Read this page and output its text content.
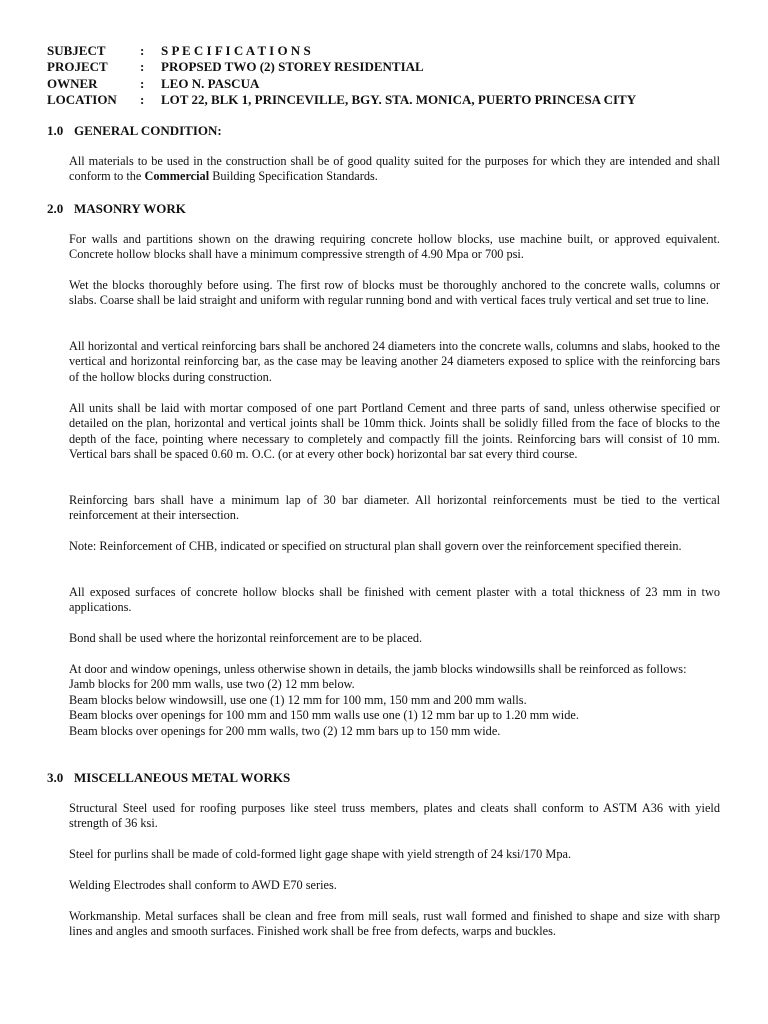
SUBJECT	: S P E C I F I C A T I O N S
PROJECT : PROPSED TWO (2) STOREY RESIDENTIAL
OWNER	: LEO N. PASCUA
LOCATION : LOT 22, BLK 1, PRINCEVILLE, BGY. STA. MONICA, PUERTO PRINCESA CITY
1.0 GENERAL CONDITION:

All materials to be used in the construction shall be of good quality suited for the purposes for which they are intended and shall conform to the Commercial Building Specification Standards.

2.0 MASONRY WORK

For walls and partitions shown on the drawing requiring concrete hollow blocks, use machine built, or approved equivalent. Concrete hollow blocks shall have a minimum compressive strength of 4.90 Mpa or 700 psi.

Wet the blocks thoroughly before using. The first row of blocks must be thoroughly anchored to the concrete walls, columns or slabs. Coarse shall be laid straight and uniform with regular running bond and with vertical faces truly vertical and set true to line.

All horizontal and vertical reinforcing bars shall be anchored 24 diameters into the concrete walls, columns and slabs, hooked to the vertical and horizontal reinforcing bar, as the case may be leaving another 24 diameters exposed to splice with the reinforcing bars of the hollow blocks during construction.

All units shall be laid with mortar composed of one part Portland Cement and three parts of sand, unless otherwise specified or detailed on the plan, horizontal and vertical joints shall be 10mm thick. Joints shall be solidly filled from the face of blocks to the depth of the face, pointing where necessary to completely and compactly fill the joints. Reinforcing bars will consist of 10 mm. Vertical bars shall be spaced 0.60 m. O.C. (or at every other bock) horizontal bar sat every third course.

Reinforcing bars shall have a minimum lap of 30 bar diameter. All horizontal reinforcements must be tied to the vertical reinforcement at their intersection.

Note: Reinforcement of CHB, indicated or specified on structural plan shall govern over the reinforcement specified therein.

All exposed surfaces of concrete hollow blocks shall be finished with cement plaster with a total thickness of 23 mm in two applications.

Bond shall be used where the horizontal reinforcement are to be placed.

At door and window openings, unless otherwise shown in details, the jamb blocks windowsills shall be reinforced as follows:
Jamb blocks for 200 mm walls, use two (2) 12 mm below.
Beam blocks below windowsill, use one (1) 12 mm for 100 mm, 150 mm and 200 mm walls.
Beam blocks over openings for 100 mm and 150 mm walls use one (1) 12 mm bar up to 1.20 mm wide.
Beam blocks over openings for 200 mm walls, two (2) 12 mm bars up to 150 mm wide.
3.0 MISCELLANEOUS METAL WORKS

Structural Steel used for roofing purposes like steel truss members, plates and cleats shall conform to ASTM A36 with yield strength of 36 ksi.

Steel for purlins shall be made of cold-formed light gage shape with yield strength of 24 ksi/170 Mpa.

Welding Electrodes shall conform to AWD E70 series.

Workmanship. Metal surfaces shall be clean and free from mill seals, rust wall formed and finished to shape and size with sharp lines and angles and smooth surfaces. Finished work shall be free from defects, warps and buckles.
